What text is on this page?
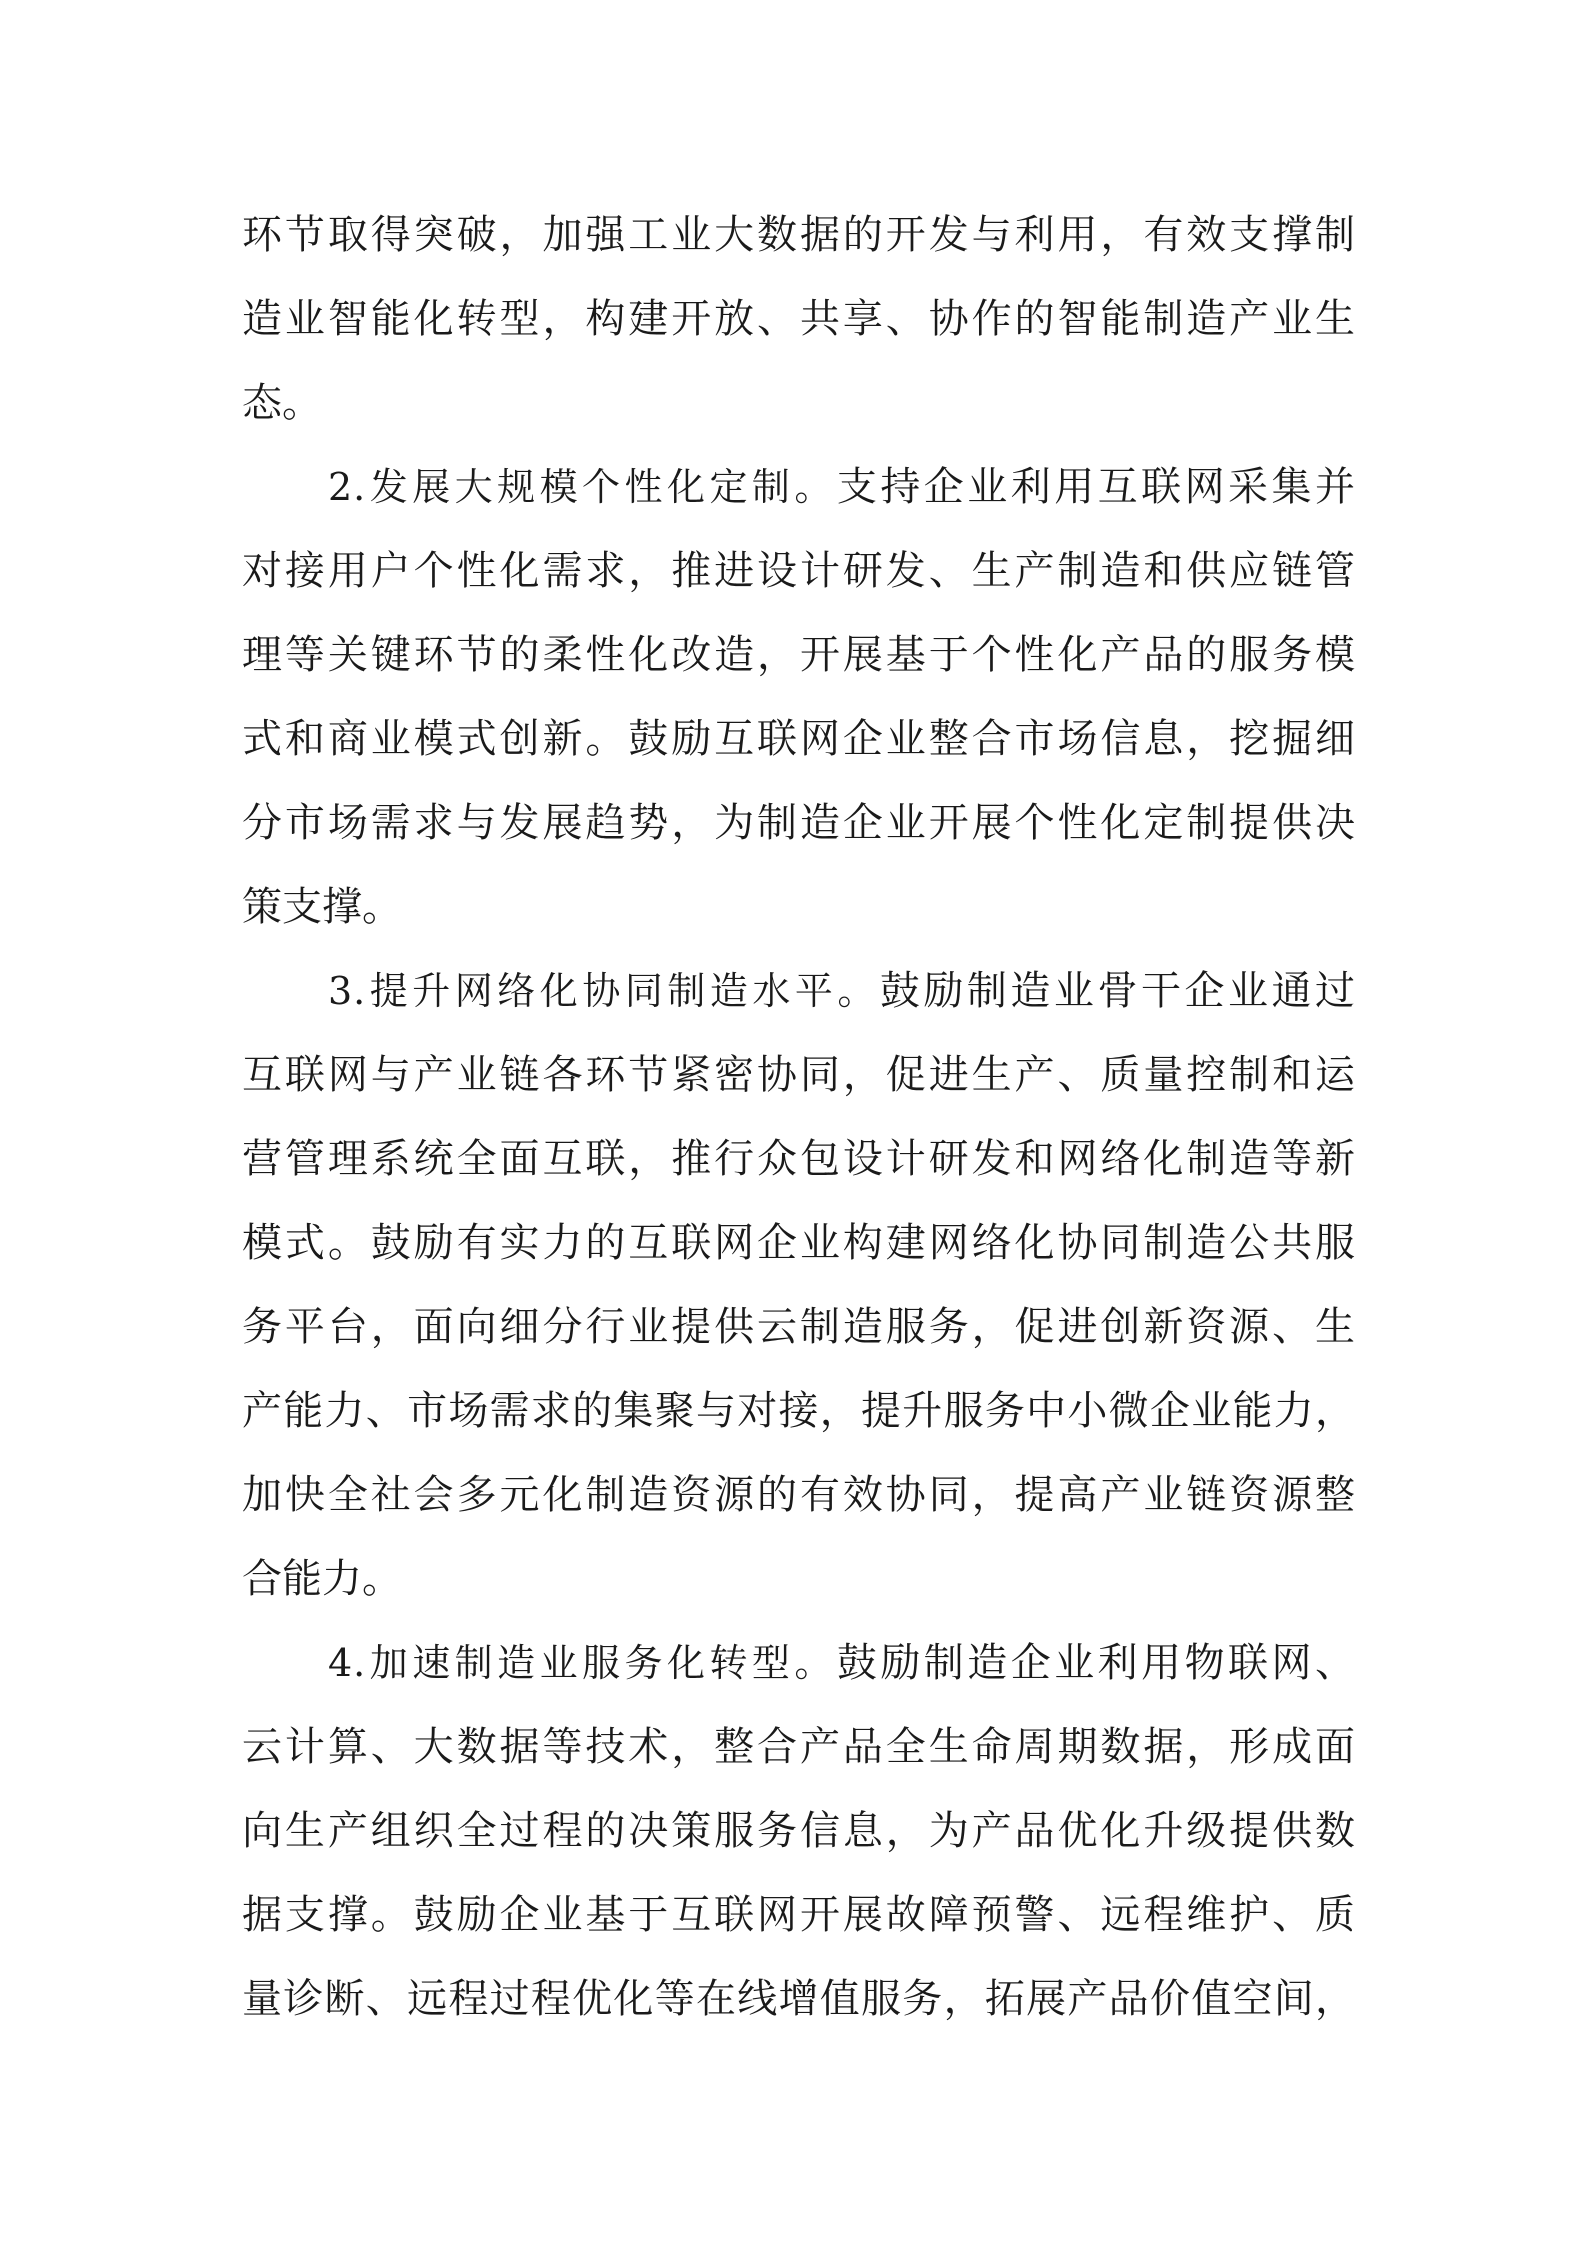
环节取得突破，加强工业大数据的开发与利用，有效支撑制
造业智能化转型，构建开放、共享、协作的智能制造产业生
态。
2.发展大规模个性化定制。支持企业利用互联网采集并
对接用户个性化需求，推进设计研发、生产制造和供应链管
理等关键环节的柔性化改造，开展基于个性化产品的服务模
式和商业模式创新。鼓励互联网企业整合市场信息，挖掘细
分市场需求与发展趋势，为制造企业开展个性化定制提供决
策支撑。
3.提升网络化协同制造水平。鼓励制造业骨干企业通过
互联网与产业链各环节紧密协同，促进生产、质量控制和运
营管理系统全面互联，推行众包设计研发和网络化制造等新
模式。鼓励有实力的互联网企业构建网络化协同制造公共服
务平台，面向细分行业提供云制造服务，促进创新资源、生
产能力、市场需求的集聚与对接，提升服务中小微企业能力，
加快全社会多元化制造资源的有效协同，提高产业链资源整
合能力。
4.加速制造业服务化转型。鼓励制造企业利用物联网、
云计算、大数据等技术，整合产品全生命周期数据，形成面
向生产组织全过程的决策服务信息，为产品优化升级提供数
据支撑。鼓励企业基于互联网开展故障预警、远程维护、质
量诊断、远程过程优化等在线增值服务，拓展产品价值空间，
